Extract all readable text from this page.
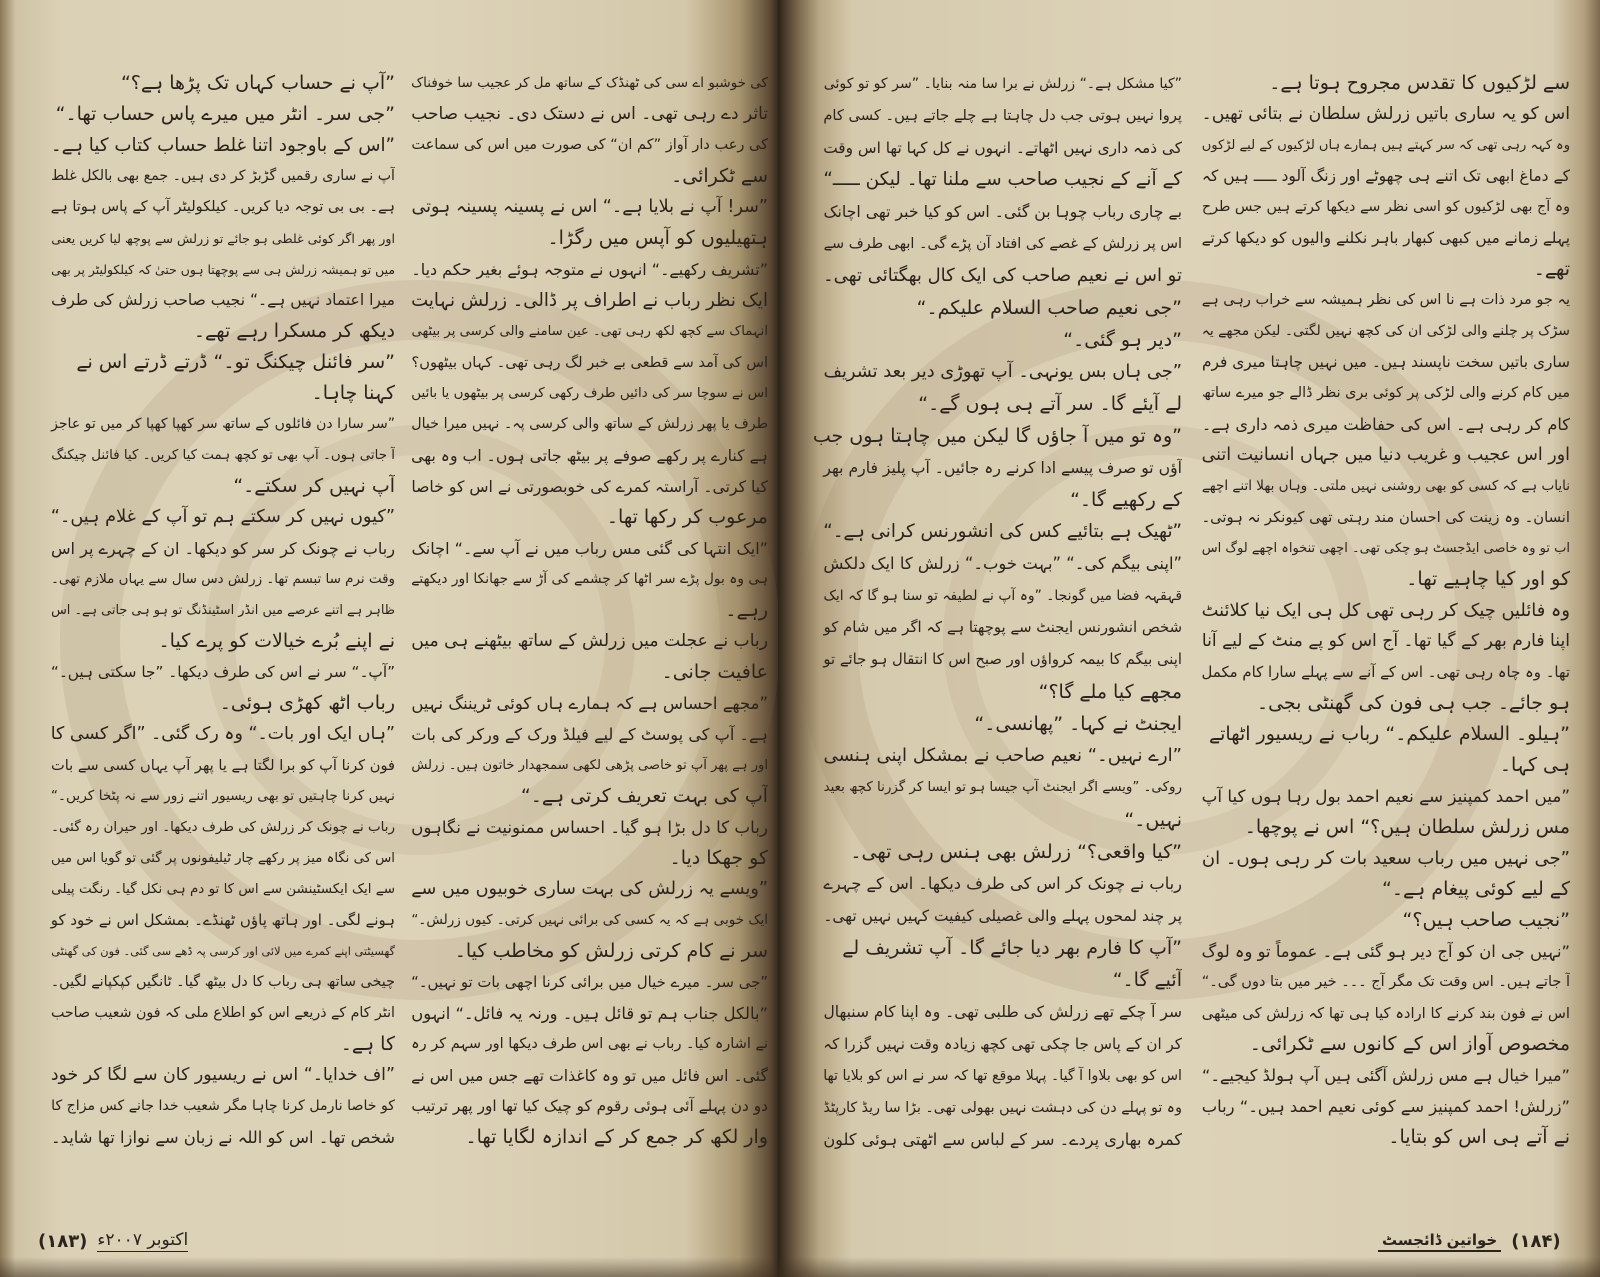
کی خوشبو اے سی کی ٹھنڈک کے ساتھ مل کر عجیب سا خوفناک
تاثر دے رہی تھی۔ اس نے دستک دی۔ نجیب صاحب
کی رعب دار آواز ”کم ان“ کی صورت میں اس کی سماعت
سے ٹکرائی۔
”سر! آپ نے بلایا ہے۔“ اس نے پسینہ پسینہ ہوتی
ہتھیلیوں کو آپس میں رگڑا۔
”تشریف رکھیے۔“ انہوں نے متوجہ ہوئے بغیر حکم دیا۔
ایک نظر رباب نے اطراف پر ڈالی۔ زرلش نہایت
انہماک سے کچھ لکھ رہی تھی۔ عین سامنے والی کرسی پر بیٹھی
اس کی آمد سے قطعی بے خبر لگ رہی تھی۔ کہاں بیٹھوں؟
اس نے سوچا سر کی دائیں طرف رکھی کرسی پر بیٹھوں یا بائیں
طرف یا پھر زرلش کے ساتھ والی کرسی پہ۔ نہیں میرا خیال
ہے کنارے پر رکھے صوفے پر بیٹھ جاتی ہوں۔ اب وہ بھی
کیا کرتی۔ آراستہ کمرے کی خوبصورتی نے اس کو خاصا
مرعوب کر رکھا تھا۔
”ایک انتہا کی گئی مس رباب میں نے آپ سے۔“ اچانک
ہی وہ بول پڑے سر اٹھا کر چشمے کی آڑ سے جھانکا اور دیکھتے
رہے۔
رباب نے عجلت میں زرلش کے ساتھ بیٹھنے ہی میں
عافیت جانی۔
”مجھے احساس ہے کہ ہمارے ہاں کوئی ٹریننگ نہیں
ہے۔ آپ کی پوسٹ کے لیے فیلڈ ورک کے ورکر کی بات
اور ہے پھر آپ تو خاصی پڑھی لکھی سمجھدار خاتون ہیں۔ زرلش
آپ کی بہت تعریف کرتی ہے۔“
رباب کا دل بڑا ہو گیا۔ احساس ممنونیت نے نگاہوں
کو جھکا دیا۔
”ویسے یہ زرلش کی بہت ساری خوبیوں میں سے
ایک خوبی ہے کہ یہ کسی کی برائی نہیں کرتی۔ کیوں زرلش۔“
سر نے کام کرتی زرلش کو مخاطب کیا۔
”جی سر۔ میرے خیال میں برائی کرنا اچھی بات تو نہیں۔“
”بالکل جناب ہم تو قائل ہیں۔ ورنہ یہ فائل۔“ انہوں
نے اشارہ کیا۔ رباب نے بھی اس طرف دیکھا اور سہم کر رہ
گئی۔ اس فائل میں تو وہ کاغذات تھے جس میں اس نے
دو دن پہلے آئی ہوئی رقوم کو چیک کیا تھا اور پھر ترتیب
وار لکھ کر جمع کر کے اندازہ لگایا تھا۔
”آپ نے حساب کہاں تک پڑھا ہے؟“
”جی سر۔ انٹر میں میرے پاس حساب تھا۔“
”اس کے باوجود اتنا غلط حساب کتاب کیا ہے۔
آپ نے ساری رقمیں گڑبڑ کر دی ہیں۔ جمع بھی بالکل غلط
ہے۔ بی بی توجہ دیا کریں۔ کیلکولیٹر آپ کے پاس ہوتا ہے
اور پھر اگر کوئی غلطی ہو جائے تو زرلش سے پوچھ لیا کریں یعنی
میں تو ہمیشہ زرلش ہی سے پوچھتا ہوں حتیٰ کہ کیلکولیٹر پر بھی
میرا اعتماد نہیں ہے۔“ نجیب صاحب زرلش کی طرف
دیکھ کر مسکرا رہے تھے۔
”سر فائنل چیکنگ تو۔“ ڈرتے ڈرتے اس نے
کہنا چاہا۔
”سر سارا دن فائلوں کے ساتھ سر کھپا کھپا کر میں تو عاجز
آ جاتی ہوں۔ آپ بھی تو کچھ ہمت کیا کریں۔ کیا فائنل چیکنگ
آپ نہیں کر سکتے۔“
”کیوں نہیں کر سکتے ہم تو آپ کے غلام ہیں۔“
رباب نے چونک کر سر کو دیکھا۔ ان کے چہرے پر اس
وقت نرم سا تبسم تھا۔ زرلش دس سال سے یہاں ملازم تھی۔
ظاہر ہے اتنے عرصے میں انڈر اسٹینڈنگ تو ہو ہی جاتی ہے۔ اس
نے اپنے بُرے خیالات کو پرے کیا۔
”آپ۔“ سر نے اس کی طرف دیکھا۔ ”جا سکتی ہیں۔“
رباب اٹھ کھڑی ہوئی۔
”ہاں ایک اور بات۔“ وہ رک گئی۔ ”اگر کسی کا
فون کرنا آپ کو برا لگتا ہے یا پھر آپ یہاں کسی سے بات
نہیں کرنا چاہتیں تو بھی ریسیور اتنے زور سے نہ پٹخا کریں۔“
رباب نے چونک کر زرلش کی طرف دیکھا۔ اور حیران رہ گئی۔
اس کی نگاہ میز پر رکھے چار ٹیلیفونوں پر گئی تو گویا اس میں
سے ایک ایکسٹینشن سے اس کا تو دم ہی نکل گیا۔ رنگت پیلی
ہونے لگی۔ اور ہاتھ پاؤں ٹھنڈے۔ بمشکل اس نے خود کو
گھسیٹتی اپنے کمرے میں لائی اور کرسی پہ ڈھے سی گئی۔ فون کی گھنٹی
چیخی ساتھ ہی رباب کا دل بیٹھ گیا۔ ٹانگیں کپکپانے لگیں۔
انٹر کام کے ذریعے اس کو اطلاع ملی کہ فون شعیب صاحب
کا ہے۔
”اف خدایا۔“ اس نے ریسیور کان سے لگا کر خود
کو خاصا نارمل کرنا چاہا مگر شعیب خدا جانے کس مزاج کا
شخص تھا۔ اس کو اللہ نے زبان سے نوازا تھا شاید۔
(۱۸۳) اکتوبر ۲۰۰۷ء
سے لڑکیوں کا تقدس مجروح ہوتا ہے۔
اس کو یہ ساری باتیں زرلش سلطان نے بتائی تھیں۔
وہ کہہ رہی تھی کہ سر کہتے ہیں ہمارے ہاں لڑکیوں کے لیے لڑکوں
کے دماغ ابھی تک اتنے ہی چھوٹے اور زنگ آلود ـــــ ہیں کہ
وہ آج بھی لڑکیوں کو اسی نظر سے دیکھا کرتے ہیں جس طرح
پہلے زمانے میں کبھی کبھار باہر نکلنے والیوں کو دیکھا کرتے
تھے۔
یہ جو مرد ذات ہے نا اس کی نظر ہمیشہ سے خراب رہی ہے
سڑک پر چلنے والی لڑکی ان کی کچھ نہیں لگتی۔ لیکن مجھے یہ
ساری باتیں سخت ناپسند ہیں۔ میں نہیں چاہتا میری فرم
میں کام کرنے والی لڑکی پر کوئی بری نظر ڈالے جو میرے ساتھ
کام کر رہی ہے۔ اس کی حفاظت میری ذمہ داری ہے۔
اور اس عجیب و غریب دنیا میں جہاں انسانیت اتنی
نایاب ہے کہ کسی کو بھی روشنی نہیں ملتی۔ وہاں بھلا اتنے اچھے
انسان۔ وہ زینت کی احسان مند رہتی تھی کیونکر نہ ہوتی۔
اب تو وہ خاصی ایڈجسٹ ہو چکی تھی۔ اچھی تنخواہ اچھے لوگ اس
کو اور کیا چاہیے تھا۔
وہ فائلیں چیک کر رہی تھی کل ہی ایک نیا کلائنٹ
اپنا فارم بھر کے گیا تھا۔ آج اس کو پے منٹ کے لیے آنا
تھا۔ وہ چاہ رہی تھی۔ اس کے آنے سے پہلے سارا کام مکمل
ہو جائے۔ جب ہی فون کی گھنٹی بجی۔
”ہیلو۔ السلام علیکم۔“ رباب نے ریسیور اٹھاتے
ہی کہا۔
”میں احمد کمپنیز سے نعیم احمد بول رہا ہوں کیا آپ
مس زرلش سلطان ہیں؟“ اس نے پوچھا۔
”جی نہیں میں رباب سعید بات کر رہی ہوں۔ ان
کے لیے کوئی پیغام ہے۔“
”نجیب صاحب ہیں؟“
”نہیں جی ان کو آج دیر ہو گئی ہے۔ عموماً تو وہ لوگ
آ جاتے ہیں۔ اس وقت تک مگر آج ۔۔۔ خیر میں بتا دوں گی۔“
اس نے فون بند کرنے کا ارادہ کیا ہی تھا کہ زرلش کی میٹھی
مخصوص آواز اس کے کانوں سے ٹکرائی۔
”میرا خیال ہے مس زرلش آگئی ہیں آپ ہولڈ کیجیے۔“
”زرلش! احمد کمپنیز سے کوئی نعیم احمد ہیں۔“ رباب
نے آتے ہی اس کو بتایا۔
”کیا مشکل ہے۔“ زرلش نے برا سا منہ بنایا۔ ”سر کو تو کوئی
پروا نہیں ہوتی جب دل چاہتا ہے چلے جاتے ہیں۔ کسی کام
کی ذمہ داری نہیں اٹھاتے۔ انہوں نے کل کہا تھا اس وقت
کے آنے کے نجیب صاحب سے ملنا تھا۔ لیکن ـــــ“
بے چاری رباب چوہا بن گئی۔ اس کو کیا خبر تھی اچانک
اس پر زرلش کے غصے کی افتاد آن پڑے گی۔ ابھی طرف سے
تو اس نے نعیم صاحب کی ایک کال بھگتائی تھی۔
”جی نعیم صاحب السلام علیکم۔“
”دیر ہو گئی۔“
”جی ہاں بس یونہی۔ آپ تھوڑی دیر بعد تشریف
لے آیئے گا۔ سر آتے ہی ہوں گے۔“
”وہ تو میں آ جاؤں گا لیکن میں چاہتا ہوں جب
آؤں تو صرف پیسے ادا کرنے رہ جائیں۔ آپ پلیز فارم بھر
کے رکھیے گا۔“
”ٹھیک ہے بتائیے کس کی انشورنس کرانی ہے۔“
”اپنی بیگم کی۔“ ”بہت خوب۔“ زرلش کا ایک دلکش
قہقہہ فضا میں گونجا۔ ”وہ آپ نے لطیفہ تو سنا ہو گا کہ ایک
شخص انشورنس ایجنٹ سے پوچھتا ہے کہ اگر میں شام کو
اپنی بیگم کا بیمہ کرواؤں اور صبح اس کا انتقال ہو جائے تو
مجھے کیا ملے گا؟“
ایجنٹ نے کہا۔ ”پھانسی۔“
”ارے نہیں۔“ نعیم صاحب نے بمشکل اپنی ہنسی
روکی۔ ”ویسے اگر ایجنٹ آپ جیسا ہو تو ایسا کر گزرنا کچھ بعید
نہیں۔“
”کیا واقعی؟“ زرلش بھی ہنس رہی تھی۔
رباب نے چونک کر اس کی طرف دیکھا۔ اس کے چہرے
پر چند لمحوں پہلے والی غصیلی کیفیت کہیں نہیں تھی۔
”آپ کا فارم بھر دیا جائے گا۔ آپ تشریف لے
آئیے گا۔“
سر آ چکے تھے زرلش کی طلبی تھی۔ وہ اپنا کام سنبھال
کر ان کے پاس جا چکی تھی کچھ زیادہ وقت نہیں گزرا کہ
اس کو بھی بلاوا آ گیا۔ پہلا موقع تھا کہ سر نے اس کو بلایا تھا
وہ تو پہلے دن کی دہشت نہیں بھولی تھی۔ بڑا سا ریڈ کارپٹڈ
کمرہ بھاری پردے۔ سر کے لباس سے اٹھتی ہوئی کلون
خواتین ڈائجسٹ (۱۸۴)
